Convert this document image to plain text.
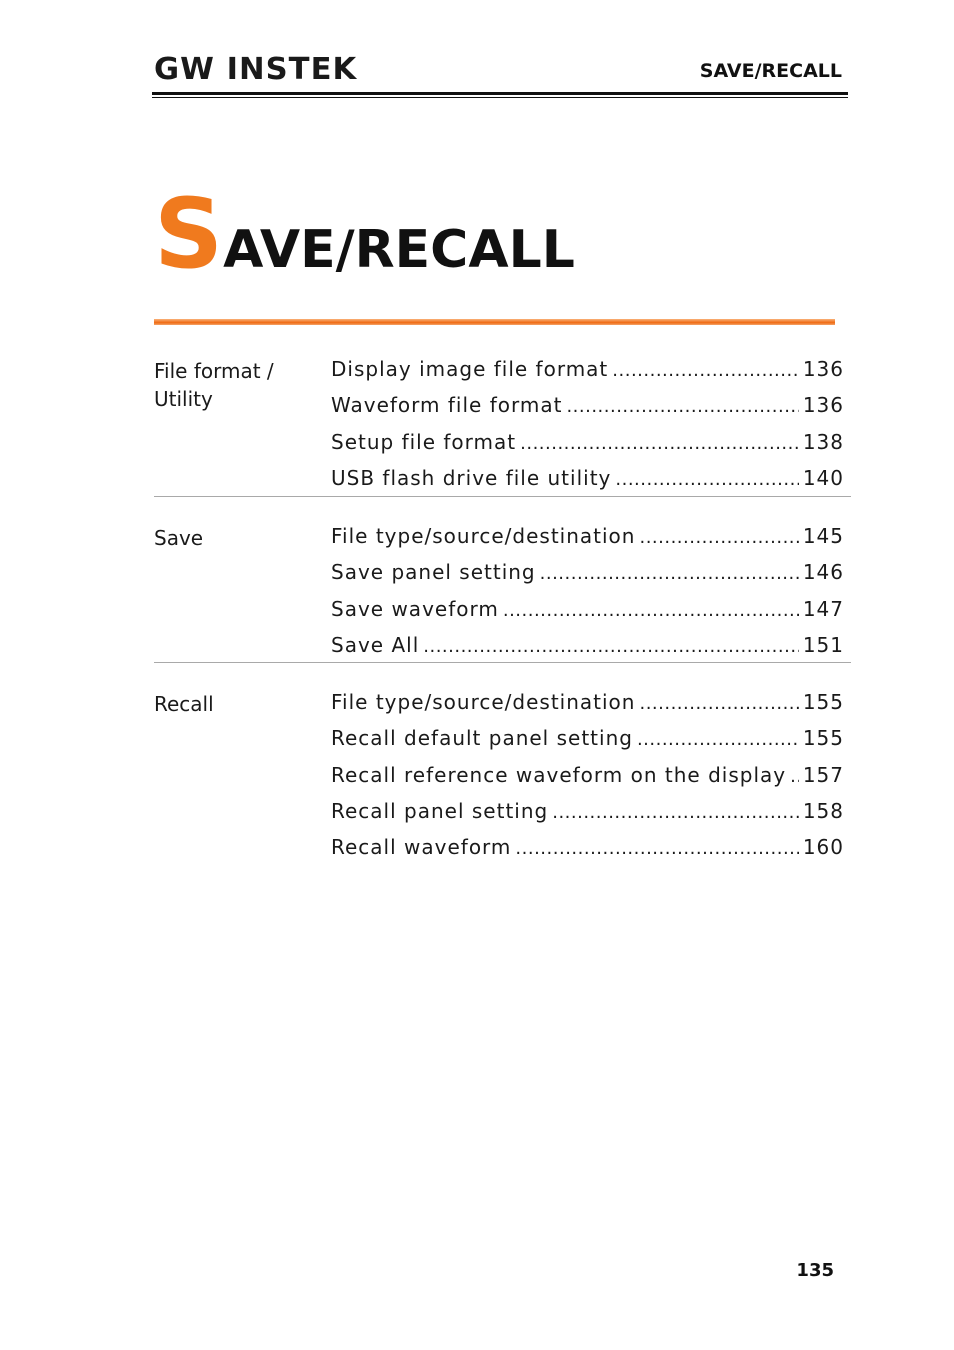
GW INSTEK	SAVE/RECALL
SAVE/RECALL
File format / Utility
Display image file format .....	136
Waveform file format .....	136
Setup file format .....	138
USB flash drive file utility .....	140
Save	File type/source/destination .....	145
Save panel setting .....	146
Save waveform .....	147
Save All .....	151
Recall	File type/source/destination .....	155
Recall default panel setting .....	155
Recall reference waveform on the display ..... 157
Recall panel setting .....	158
Recall waveform .....	160
135
